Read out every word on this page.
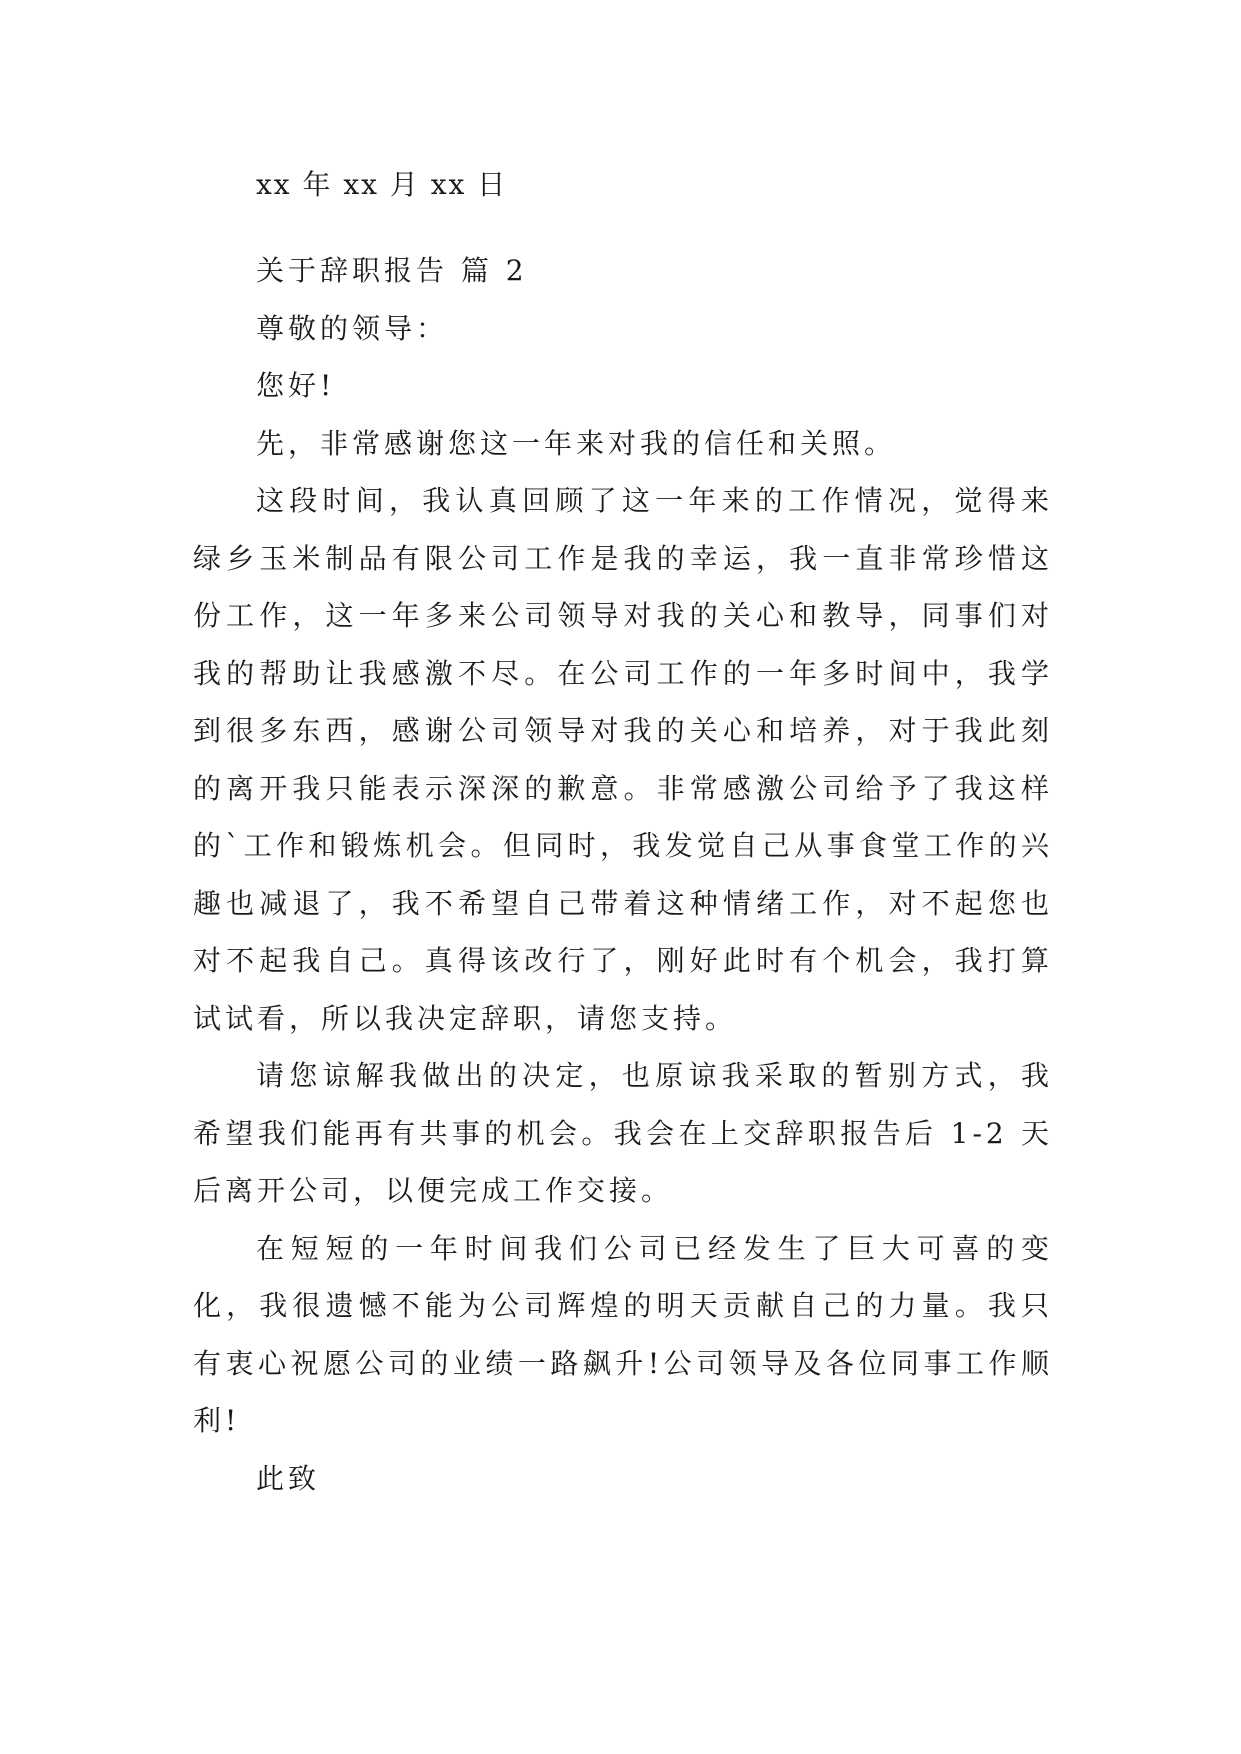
xx 年 xx 月 xx 日

关于辞职报告 篇 2

尊敬的领导：

您好!

先，非常感谢您这一年来对我的信任和关照。

这段时间，我认真回顾了这一年来的工作情况，觉得来绿乡玉米制品有限公司工作是我的幸运，我一直非常珍惜这份工作，这一年多来公司领导对我的关心和教导，同事们对我的帮助让我感激不尽。在公司工作的一年多时间中，我学到很多东西，感谢公司领导对我的关心和培养，对于我此刻的离开我只能表示深深的歉意。非常感激公司给予了我这样的`工作和锻炼机会。但同时，我发觉自己从事食堂工作的兴趣也减退了，我不希望自己带着这种情绪工作，对不起您也对不起我自己。真得该改行了，刚好此时有个机会，我打算试试看，所以我决定辞职，请您支持。

请您谅解我做出的决定，也原谅我采取的暂别方式，我希望我们能再有共事的机会。我会在上交辞职报告后 1-2 天后离开公司，以便完成工作交接。

在短短的一年时间我们公司已经发生了巨大可喜的变化，我很遗憾不能为公司辉煌的明天贡献自己的力量。我只有衷心祝愿公司的业绩一路飙升!公司领导及各位同事工作顺利!

此致
